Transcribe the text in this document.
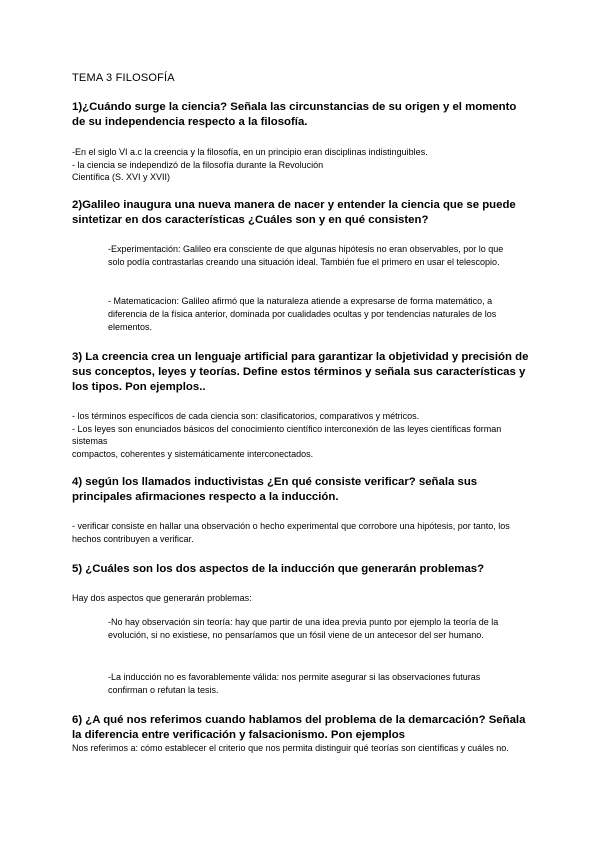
TEMA 3 FILOSOFÍA
1)¿Cuándo surge la ciencia? Señala las circunstancias de su origen y el momento de su independencia respecto a la filosofía.
-En el siglo VI a.c la creencia y la filosofía, en un principio eran disciplinas indistinguibles.
- la ciencia se independizó de la filosofía durante la Revolución
Científica (S. XVI y XVII)
2)Galileo inaugura una nueva manera de nacer y entender la ciencia que se puede sintetizar en dos características ¿Cuáles son y en qué consisten?
-Experimentación: Galileo era consciente de que algunas hipótesis no eran observables, por lo que solo podía contrastarlas creando una situación ideal. También fue el primero en usar el telescopio.
- Matematicacion: Galileo afirmó que la naturaleza atiende a expresarse de forma matemático, a diferencia de la física anterior, dominada por cualidades ocultas y por tendencias naturales de los elementos.
3) La creencia crea un lenguaje artificial para garantizar la objetividad y precisión de sus conceptos, leyes y teorías. Define estos términos y señala sus características y los tipos. Pon ejemplos..
- los términos específicos de cada ciencia son: clasificatorios, comparativos y métricos.
- Los leyes son enunciados básicos del conocimiento científico interconexión de las leyes científicas forman sistemas
compactos, coherentes y sistemáticamente interconectados.
4) según los llamados inductivistas ¿En qué consiste verificar? señala sus principales afirmaciones respecto a la inducción.
- verificar consiste en hallar una observación o hecho experimental que corrobore una hipótesis, por tanto, los hechos contribuyen a verificar.
5) ¿Cuáles son los dos aspectos de la inducción que generarán problemas?
Hay dos aspectos que generarán problemas:
-No hay observación sin teoría: hay que partir de una idea previa punto por ejemplo la teoría de la evolución, si no existiese, no pensaríamos que un fósil viene de un antecesor del ser humano.
-La inducción no es favorablemente válida: nos permite asegurar si las observaciones futuras confirman o refutan la tesis.
6) ¿A qué nos referimos cuando hablamos del problema de la demarcación? Señala la diferencia entre verificación y falsacionismo. Pon ejemplos
Nos referimos a: cómo establecer el criterio que nos permita distinguir qué teorías son científicas y cuáles no.
